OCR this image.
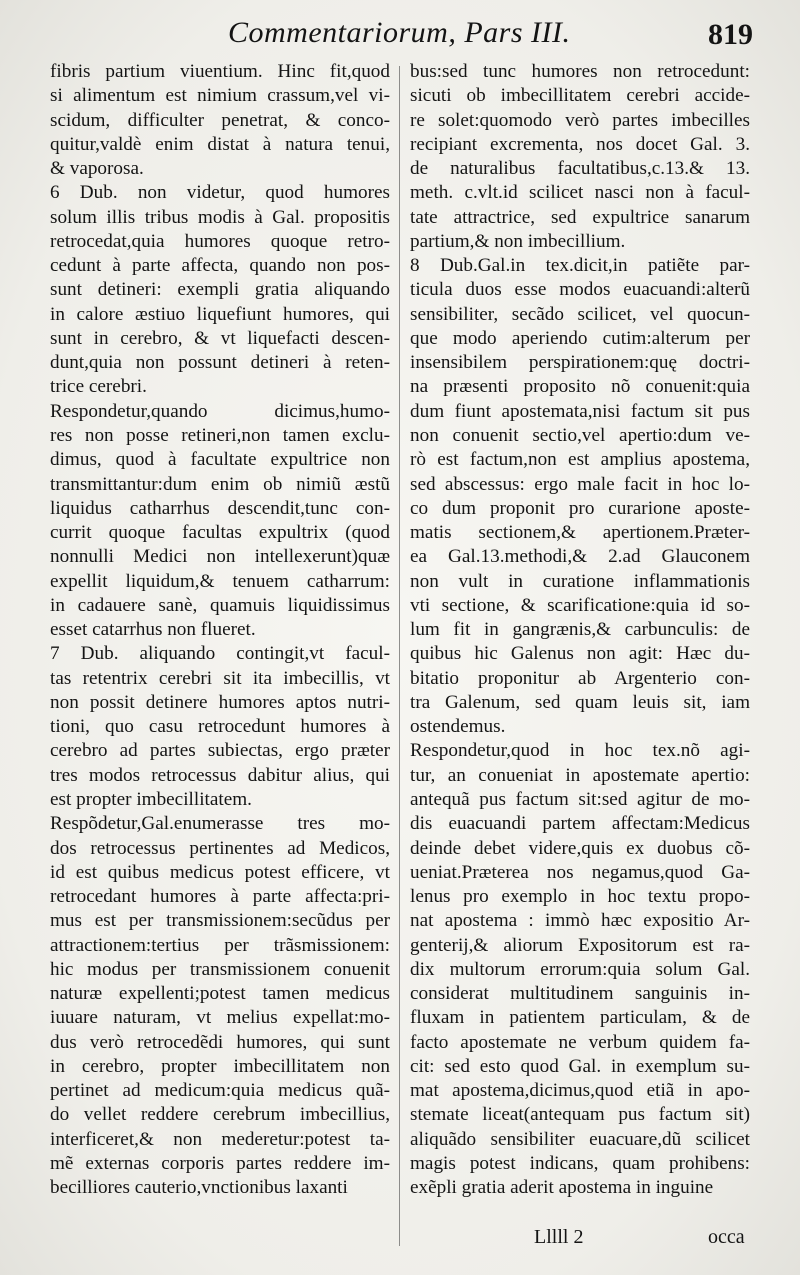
Commentariorum, Pars III.	819
fibris partium viuentium. Hinc fit,quod
si alimentum est nimium crassum,vel vi-
scidum, difficulter penetrat, & conco-
quitur,valdè enim distat à natura tenui,
& vaporosa.
6 Dub. non videtur, quod humores
solum illis tribus modis à Gal. propositis
retrocedat,quia humores quoque retro-
cedunt à parte affecta, quando non pos-
sunt detineri: exempli gratia aliquando
in calore æstiuo liquefiunt humores, qui
sunt in cerebro, & vt liquefacti descen-
dunt,quia non possunt detineri à reten-
trice cerebri.
Respondetur,quando dicimus,humo-
res non posse retineri,non tamen exclu-
dimus, quod à facultate expultrice non
transmittantur:dum enim ob nimiũ æstũ
liquidus catharrhus descendit,tunc con-
currit quoque facultas expultrix (quod
nonnulli Medici non intellexerunt)quæ
expellit liquidum,& tenuem catharrum:
in cadauere sanè, quamuis liquidissimus
esset catarrhus non flueret.
7 Dub. aliquando contingit,vt facul-
tas retentrix cerebri sit ita imbecillis, vt
non possit detinere humores aptos nutri-
tioni, quo casu retrocedunt humores à
cerebro ad partes subiectas, ergo præter
tres modos retrocessus dabitur alius, qui
est propter imbecillitatem.
Respõdetur,Gal.enumerasse tres mo-
dos retrocessus pertinentes ad Medicos,
id est quibus medicus potest efficere, vt
retrocedant humores à parte affecta:pri-
mus est per transmissionem:secũdus per
attractionem:tertius per trãsmissionem:
hic modus per transmissionem conuenit
naturæ expellenti;potest tamen medicus
iuuare naturam, vt melius expellat:mo-
dus verò retrocedẽdi humores, qui sunt
in cerebro, propter imbecillitatem non
pertinet ad medicum:quia medicus quã-
do vellet reddere cerebrum imbecillius,
interficeret,& non mederetur:potest ta-
mẽ externas corporis partes reddere im-
becilliores cauterio,vnctionibus laxanti
bus:sed tunc humores non retrocedunt:
sicuti ob imbecillitatem cerebri accide-
re solet:quomodo verò partes imbecilles
recipiant excrementa, nos docet Gal. 3.
de naturalibus facultatibus,c.13.& 13.
meth. c.vlt.id scilicet nasci non à facul-
tate attractrice, sed expultrice sanarum
partium,& non imbecillium.
8 Dub.Gal.in tex.dicit,in patiẽte par-
ticula duos esse modos euacuandi:alterũ
sensibiliter, secãdo scilicet, vel quocun-
que modo aperiendo cutim:alterum per
insensibilem perspirationem:quę doctri-
na præsenti proposito nõ conuenit:quia
dum fiunt apostemata,nisi factum sit pus
non conuenit sectio,vel apertio:dum ve-
rò est factum,non est amplius apostema,
sed abscessus: ergo male facit in hoc lo-
co dum proponit pro curarione aposte-
matis sectionem,& apertionem.Præter-
ea Gal.13.methodi,& 2.ad Glauconem
non vult in curatione inflammationis
vti sectione, & scarificatione:quia id so-
lum fit in gangrænis,& carbunculis: de
quibus hic Galenus non agit: Hæc du-
bitatio proponitur ab Argenterio con-
tra Galenum, sed quam leuis sit, iam
ostendemus.
Respondetur,quod in hoc tex.nõ agi-
tur, an conueniat in apostemate apertio:
antequã pus factum sit:sed agitur de mo-
dis euacuandi partem affectam:Medicus
deinde debet videre,quis ex duobus cõ-
ueniat.Præterea nos negamus,quod Ga-
lenus pro exemplo in hoc textu propo-
nat apostema : immò hæc expositio Ar-
genterij,& aliorum Expositorum est ra-
dix multorum errorum:quia solum Gal.
considerat multitudinem sanguinis in-
fluxam in patientem particulam, & de
facto apostemate ne verbum quidem fa-
cit: sed esto quod Gal. in exemplum su-
mat apostema,dicimus,quod etiã in apo-
stemate liceat(antequam pus factum sit)
aliquãdo sensibiliter euacuare,dũ scilicet
magis potest indicans, quam prohibens:
exẽpli gratia aderit apostema in inguine
Lllll 2	occa
